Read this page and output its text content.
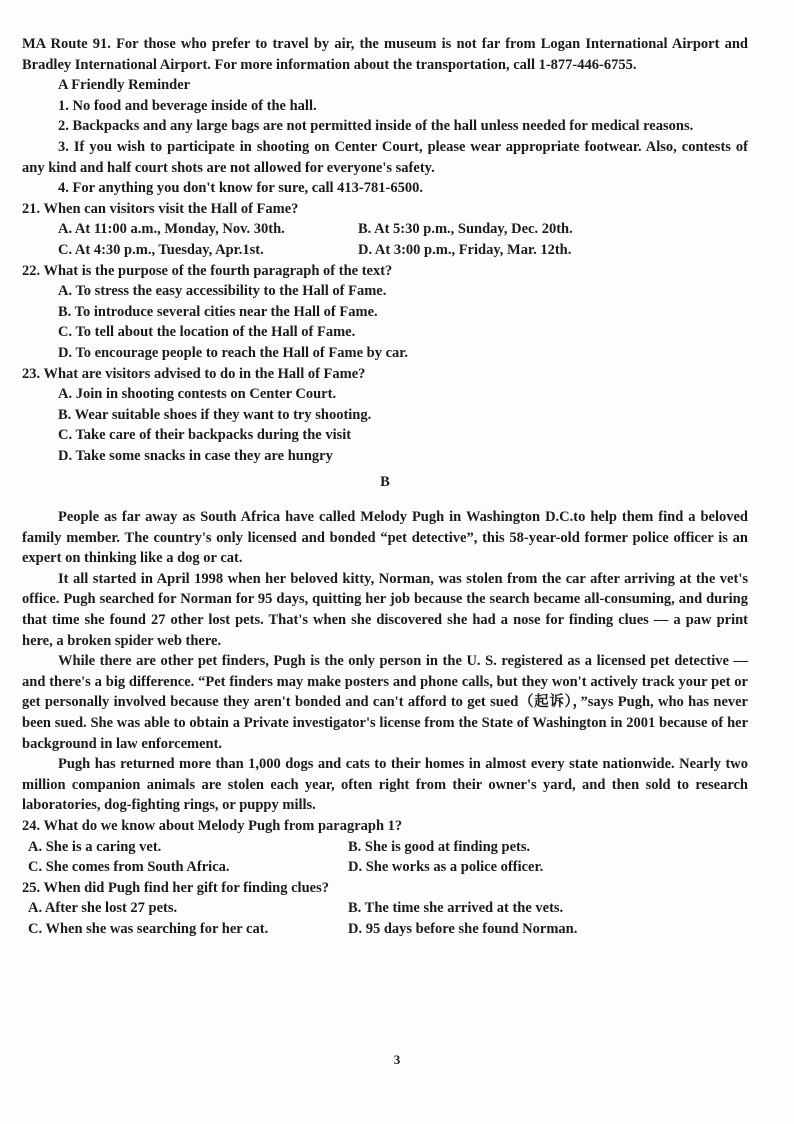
MA Route 91. For those who prefer to travel by air, the museum is not far from Logan International Airport and Bradley International Airport. For more information about the transportation, call 1-877-446-6755.

A Friendly Reminder

1. No food and beverage inside of the hall.

2. Backpacks and any large bags are not permitted inside of the hall unless needed for medical reasons.

3. If you wish to participate in shooting on Center Court, please wear appropriate footwear. Also, contests of any kind and half court shots are not allowed for everyone's safety.

4. For anything you don't know for sure, call 413-781-6500.

21. When can visitors visit the Hall of Fame?

A. At 11:00 a.m., Monday, Nov. 30th.	B. At 5:30 p.m., Sunday, Dec. 20th.
C. At 4:30 p.m., Tuesday, Apr.1st.	D. At 3:00 p.m., Friday, Mar. 12th.

22. What is the purpose of the fourth paragraph of the text?

A. To stress the easy accessibility to the Hall of Fame.

B. To introduce several cities near the Hall of Fame.

C. To tell about the location of the Hall of Fame.

D. To encourage people to reach the Hall of Fame by car.

23. What are visitors advised to do in the Hall of Fame?

A. Join in shooting contests on Center Court.

B. Wear suitable shoes if they want to try shooting.

C. Take care of their backpacks during the visit

D. Take some snacks in case they are hungry

B

People as far away as South Africa have called Melody Pugh in Washington D.C.to help them find a beloved family member. The country's only licensed and bonded “pet detective”, this 58-year-old former police officer is an expert on thinking like a dog or cat.

It all started in April 1998 when her beloved kitty, Norman, was stolen from the car after arriving at the vet's office. Pugh searched for Norman for 95 days, quitting her job because the search became all-consuming, and during that time she found 27 other lost pets. That's when she discovered she had a nose for finding clues — a paw print here, a broken spider web there.

While there are other pet finders, Pugh is the only person in the U. S. registered as a licensed pet detective — and there's a big difference. “Pet finders may make posters and phone calls, but they won't actively track your pet or get personally involved because they aren't bonded and can't afford to get sued（起诉），”says Pugh, who has never been sued. She was able to obtain a Private investigator's license from the State of Washington in 2001 because of her background in law enforcement.

Pugh has returned more than 1,000 dogs and cats to their homes in almost every state nationwide. Nearly two million companion animals are stolen each year, often right from their owner's yard, and then sold to research laboratories, dog-fighting rings, or puppy mills.

24. What do we know about Melody Pugh from paragraph 1?

A. She is a caring vet.	B. She is good at finding pets.
C. She comes from South Africa.	D. She works as a police officer.

25. When did Pugh find her gift for finding clues?

A. After she lost 27 pets.	B. The time she arrived at the vets.
C. When she was searching for her cat.	D. 95 days before she found Norman.
3
